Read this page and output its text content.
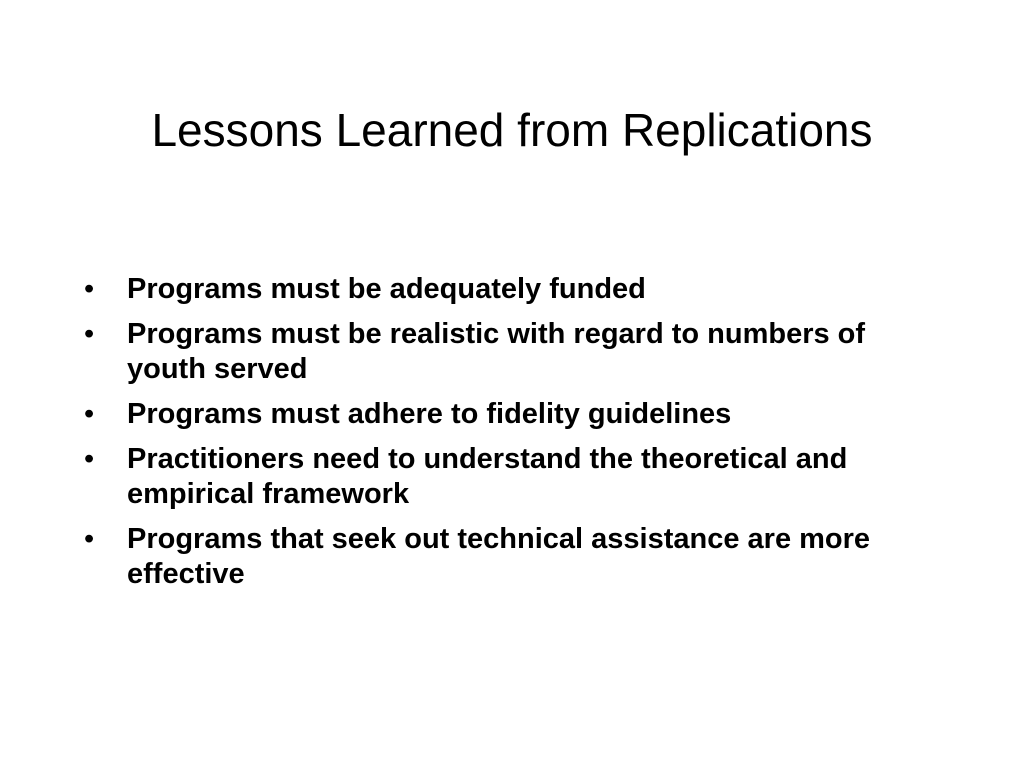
Lessons Learned from Replications
• Programs must be adequately funded
• Programs must be realistic with regard to numbers of youth served
• Programs must adhere to fidelity guidelines
• Practitioners need to understand the theoretical and empirical framework
• Programs that seek out technical assistance are more effective
